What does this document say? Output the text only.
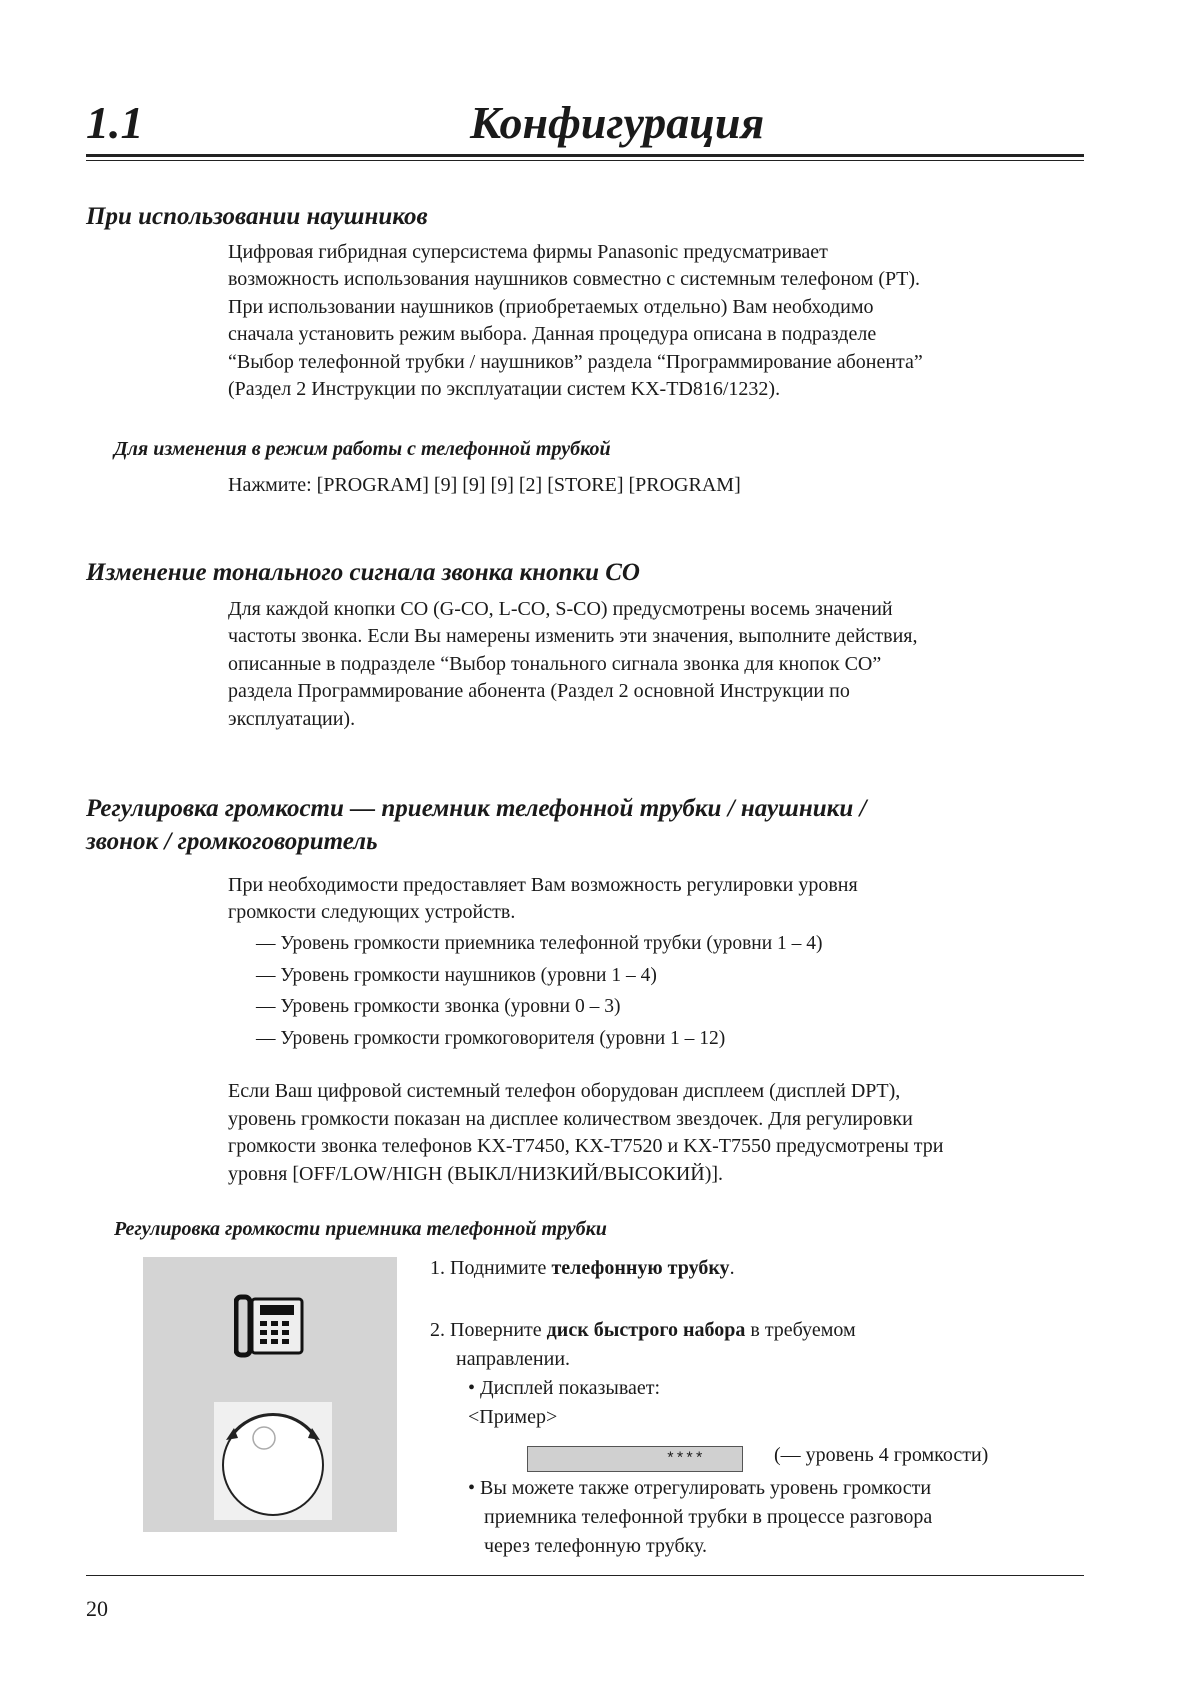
1.1	Конфигурация
При использовании наушников

Цифровая гибридная суперсистема фирмы Panasonic предусматривает

возможность использования наушников совместно с системным телефоном (PT).

При использовании наушников (приобретаемых отдельно) Вам необходимо

сначала установить режим выбора. Данная процедура описана в подразделе

“Выбор телефонной трубки / наушников” раздела “Программирование абонента”

(Раздел 2 Инструкции по эксплуатации систем KX-TD816/1232).

Для изменения в режим работы с телефонной трубкой
Нажмите: [PROGRAM] [9] [9] [9] [2] [STORE] [PROGRAM]
Изменение тонального сигнала звонка кнопки CO

Для каждой кнопки CO (G-CO, L-CO, S-CO) предусмотрены восемь значений

частоты звонка. Если Вы намерены изменить эти значения, выполните действия,

описанные в подразделе “Выбор тонального сигнала звонка для кнопок CO”

раздела Программирование абонента (Раздел 2 основной Инструкции по

эксплуатации).

Регулировка громкости — приемник телефонной трубки / наушники /
звонок / громкоговоритель

При необходимости предоставляет Вам возможность регулировки уровня

громкости следующих устройств.

— Уровень громкости приемника телефонной трубки (уровни 1 – 4)
— Уровень громкости наушников (уровни 1 – 4)
— Уровень громкости звонка (уровни 0 – 3)
— Уровень громкости громкоговорителя (уровни 1 – 12)

Если Ваш цифровой системный телефон оборудован дисплеем (дисплей DPT),

уровень громкости показан на дисплее количеством звездочек. Для регулировки

громкости звонка телефонов KX-T7450, KX-T7520 и KX-T7550 предусмотрены три

уровня [OFF/LOW/HIGH (ВЫКЛ/НИЗКИЙ/ВЫСОКИЙ)].

Регулировка громкости приемника телефонной трубки
1. Поднимите телефонную трубку.

2. Поверните диск быстрого набора в требуемом

направлении.

• Дисплей показывает:

<Пример>

****	(— уровень 4 громкости)

• Вы можете также отрегулировать уровень громкости

приемника телефонной трубки в процессе разговора

через телефонную трубку.

20
